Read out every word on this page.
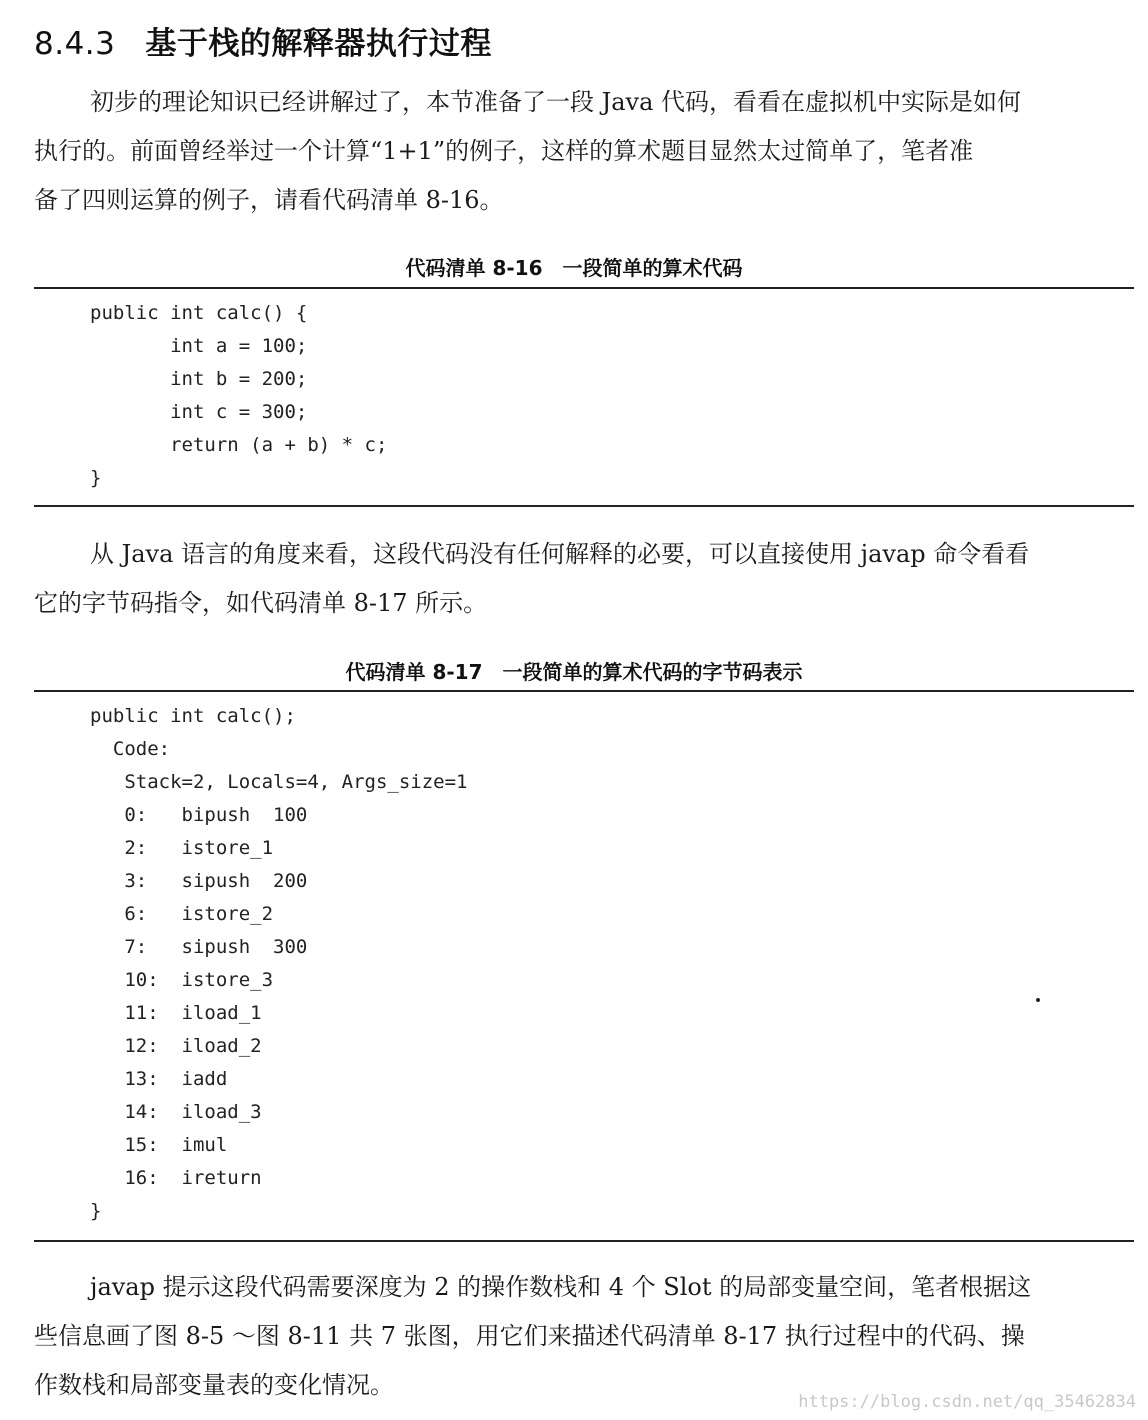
8.4.3 基于栈的解释器执行过程
初步的理论知识已经讲解过了，本节准备了一段 Java 代码，看看在虚拟机中实际是如何
执行的。前面曾经举过一个计算“1+1”的例子，这样的算术题目显然太过简单了，笔者准
备了四则运算的例子，请看代码清单 8-16。
代码清单 8-16　一段简单的算术代码
public int calc() {
int a = 100;
int b = 200;
int c = 300;
return (a + b) * c;
}
从 Java 语言的角度来看，这段代码没有任何解释的必要，可以直接使用 javap 命令看看
它的字节码指令，如代码清单 8-17 所示。
代码清单 8-17　一段简单的算术代码的字节码表示
public int calc();
Code:
Stack=2, Locals=4, Args_size=1
0:   bipush  100
2:   istore_1
3:   sipush  200
6:   istore_2
7:   sipush  300
10:  istore_3
11:  iload_1
12:  iload_2
13:  iadd
14:  iload_3
15:  imul
16:  ireturn
}
javap 提示这段代码需要深度为 2 的操作数栈和 4 个 Slot 的局部变量空间，笔者根据这
些信息画了图 8-5 ～图 8-11 共 7 张图，用它们来描述代码清单 8-17 执行过程中的代码、操
作数栈和局部变量表的变化情况。
https://blog.csdn.net/qq_35462834
